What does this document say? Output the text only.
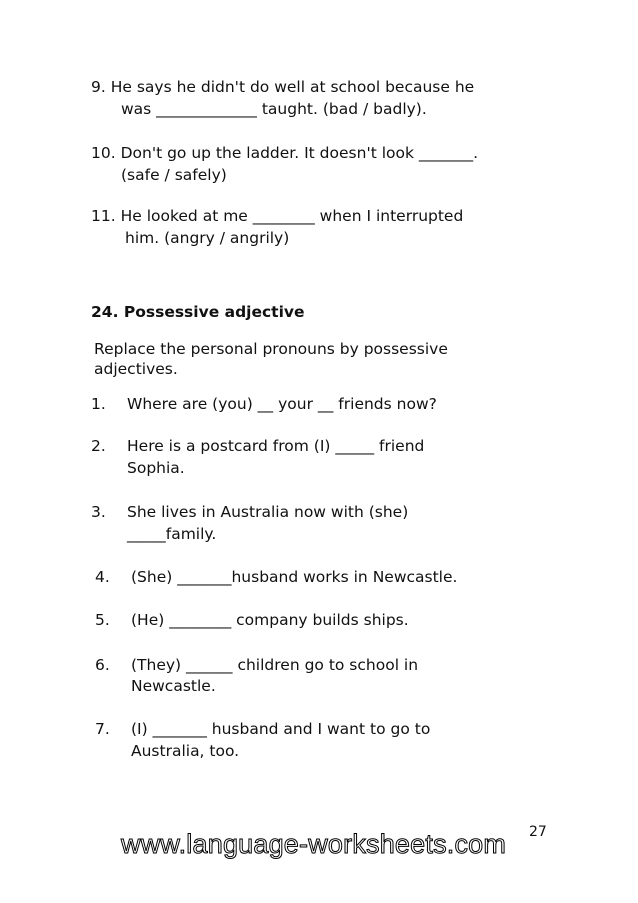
9. He says he didn't do well at school because he
was _____________ taught. (bad / badly).
10. Don't go up the ladder. It doesn't look _______.
(safe / safely)
11. He looked at me ________ when I interrupted
him. (angry / angrily)
24. Possessive adjective
Replace the personal pronouns by possessive
adjectives.
1. Where are (you) __ your __ friends now?
2. Here is a postcard from (I) _____ friend
Sophia.
3. She lives in Australia now with (she)
_____family.
4. (She) _______husband works in Newcastle.
5. (He) ________ company builds ships.
6. (They) ______ children go to school in
Newcastle.
7. (I) _______ husband and I want to go to
Australia, too.
www.language-worksheets.com 27
